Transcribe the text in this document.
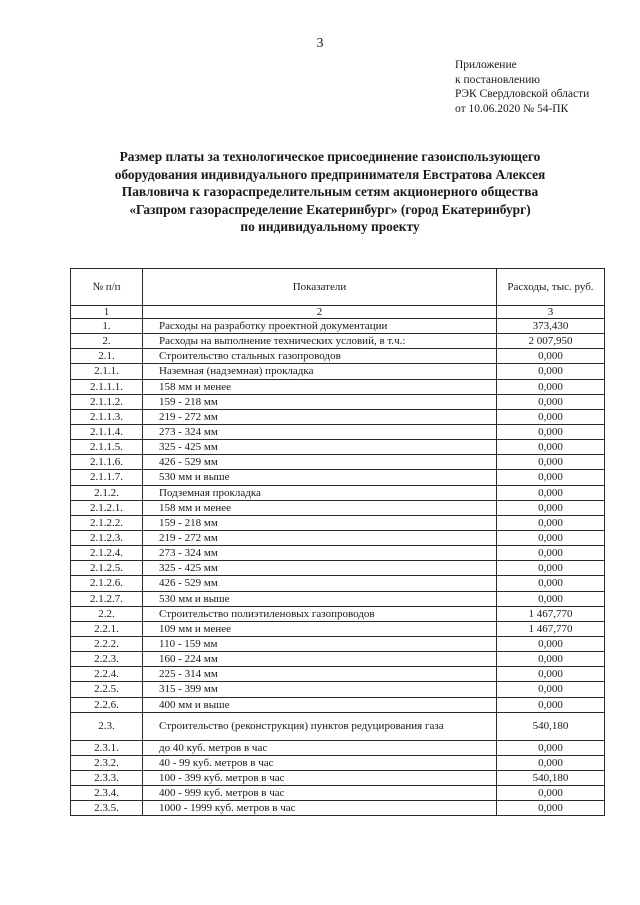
3
Приложение
к постановлению
РЭК Свердловской области
от 10.06.2020 № 54-ПК
Размер платы за технологическое присоединение газоиспользующего
оборудования индивидуального предпринимателя Евстратова Алексея
Павловича к газораспределительным сетям акционерного общества
«Газпром газораспределение Екатеринбург» (город Екатеринбург)
по индивидуальному проекту
№ п/п	Показатели	Расходы, тыс. руб.
1	2	3
1.	Расходы на разработку проектной документации	373,430
2.	Расходы на выполнение технических условий, в т.ч.:	2 007,950
2.1.	Строительство стальных газопроводов	0,000
2.1.1.	Наземная (надземная) прокладка	0,000
2.1.1.1.	158 мм и менее	0,000
2.1.1.2.	159 - 218 мм	0,000
2.1.1.3.	219 - 272 мм	0,000
2.1.1.4.	273 - 324 мм	0,000
2.1.1.5.	325 - 425 мм	0,000
2.1.1.6.	426 - 529 мм	0,000
2.1.1.7.	530 мм и выше	0,000
2.1.2.	Подземная прокладка	0,000
2.1.2.1.	158 мм и менее	0,000
2.1.2.2.	159 - 218 мм	0,000
2.1.2.3.	219 - 272 мм	0,000
2.1.2.4.	273 - 324 мм	0,000
2.1.2.5.	325 - 425 мм	0,000
2.1.2.6.	426 - 529 мм	0,000
2.1.2.7.	530 мм и выше	0,000
2.2.	Строительство полиэтиленовых газопроводов	1 467,770
2.2.1.	109 мм и менее	1 467,770
2.2.2.	110 - 159 мм	0,000
2.2.3.	160 - 224 мм	0,000
2.2.4.	225 - 314 мм	0,000
2.2.5.	315 - 399 мм	0,000
2.2.6.	400 мм и выше	0,000
2.3.	Строительство (реконструкция) пунктов редуцирования газа	540,180
2.3.1.	до 40 куб. метров в час	0,000
2.3.2.	40 - 99 куб. метров в час	0,000
2.3.3.	100 - 399 куб. метров в час	540,180
2.3.4.	400 - 999 куб. метров в час	0,000
2.3.5.	1000 - 1999 куб. метров в час	0,000
